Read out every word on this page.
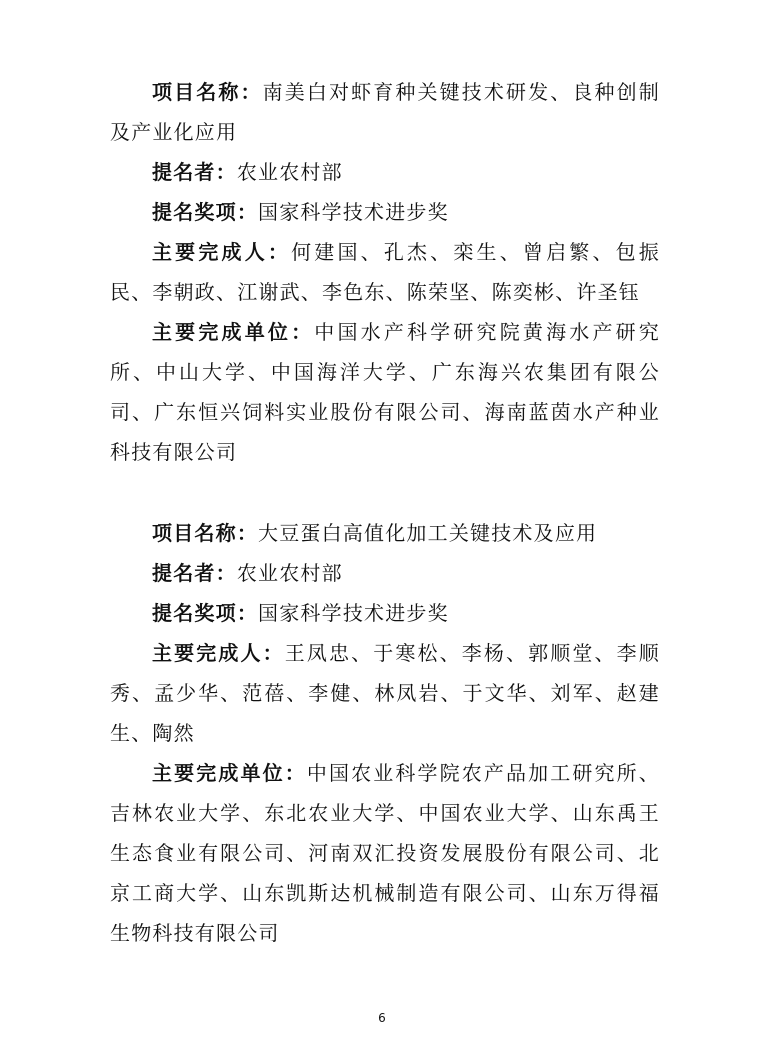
项目名称：南美白对虾育种关键技术研发、良种创制及产业化应用
提名者：农业农村部
提名奖项：国家科学技术进步奖
主要完成人：何建国、孔杰、栾生、曾启繁、包振民、李朝政、江谢武、李色东、陈荣坚、陈奕彬、许圣钰
主要完成单位：中国水产科学研究院黄海水产研究所、中山大学、中国海洋大学、广东海兴农集团有限公司、广东恒兴饲料实业股份有限公司、海南蓝茵水产种业科技有限公司
项目名称：大豆蛋白高值化加工关键技术及应用
提名者：农业农村部
提名奖项：国家科学技术进步奖
主要完成人：王凤忠、于寒松、李杨、郭顺堂、李顺秀、孟少华、范蓓、李健、林凤岩、于文华、刘军、赵建生、陶然
主要完成单位：中国农业科学院农产品加工研究所、吉林农业大学、东北农业大学、中国农业大学、山东禹王生态食业有限公司、河南双汇投资发展股份有限公司、北京工商大学、山东凯斯达机械制造有限公司、山东万得福生物科技有限公司
6
